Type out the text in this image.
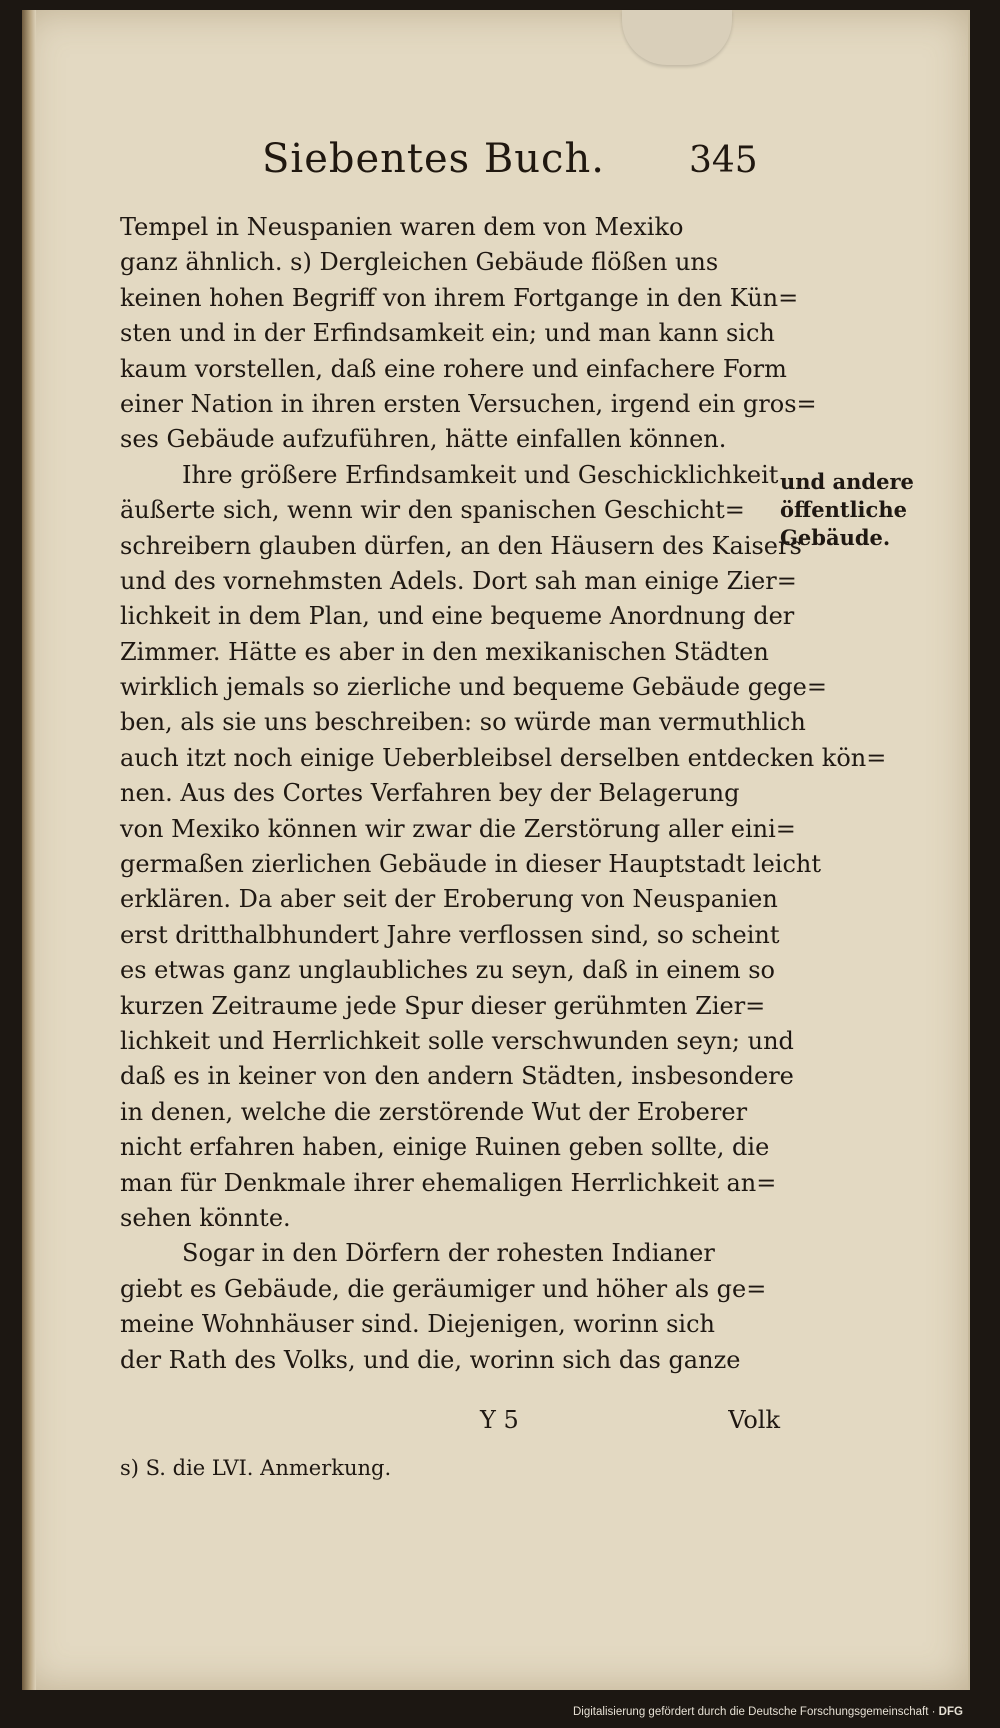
Siebentes Buch. 345
Tempel in Neuspanien waren dem von Mexiko
ganz ähnlich. s) Dergleichen Gebäude flößen uns
keinen hohen Begriff von ihrem Fortgange in den Kün=
sten und in der Erfindsamkeit ein; und man kann sich
kaum vorstellen, daß eine rohere und einfachere Form
einer Nation in ihren ersten Versuchen, irgend ein gros=
ses Gebäude aufzuführen, hätte einfallen können.
Ihre größere Erfindsamkeit und Geschicklichkeit
äußerte sich, wenn wir den spanischen Geschicht=
schreibern glauben dürfen, an den Häusern des Kaisers
und des vornehmsten Adels. Dort sah man einige Zier=
lichkeit in dem Plan, und eine bequeme Anordnung der
Zimmer. Hätte es aber in den mexikanischen Städten
wirklich jemals so zierliche und bequeme Gebäude gege=
ben, als sie uns beschreiben: so würde man vermuthlich
auch itzt noch einige Ueberbleibsel derselben entdecken kön=
nen. Aus des Cortes Verfahren bey der Belagerung
von Mexiko können wir zwar die Zerstörung aller eini=
germaßen zierlichen Gebäude in dieser Hauptstadt leicht
erklären. Da aber seit der Eroberung von Neuspanien
erst dritthalbhundert Jahre verflossen sind, so scheint
es etwas ganz unglaubliches zu seyn, daß in einem so
kurzen Zeitraume jede Spur dieser gerühmten Zier=
lichkeit und Herrlichkeit solle verschwunden seyn; und
daß es in keiner von den andern Städten, insbesondere
in denen, welche die zerstörende Wut der Eroberer
nicht erfahren haben, einige Ruinen geben sollte, die
man für Denkmale ihrer ehemaligen Herrlichkeit an=
sehen könnte.
Sogar in den Dörfern der rohesten Indianer
giebt es Gebäude, die geräumiger und höher als ge=
meine Wohnhäuser sind. Diejenigen, worinn sich
der Rath des Volks, und die, worinn sich das ganze
und andere
öffentliche
Gebäude.
Y 5	Volk
s) S. die LVI. Anmerkung.
Digitalisierung gefördert durch die Deutsche Forschungsgemeinschaft · DFG
